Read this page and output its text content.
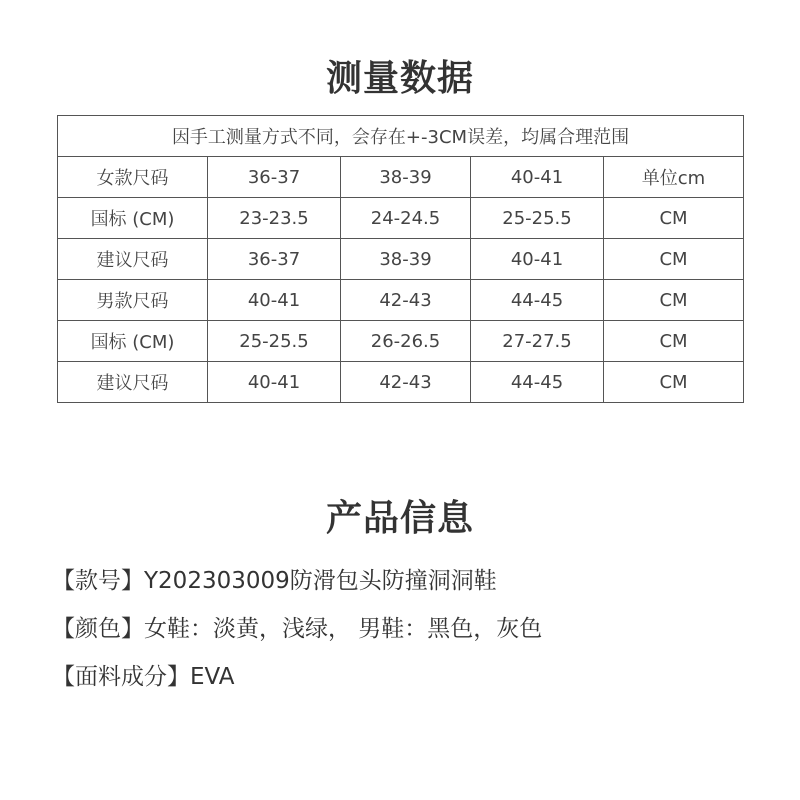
测量数据
因手工测量方式不同，会存在+-3CM误差，均属合理范围				
女款尺码	36-37	38-39	40-41	单位cm
国标 (CM)	23-23.5	24-24.5	25-25.5	CM
建议尺码	36-37	38-39	40-41	CM
男款尺码	40-41	42-43	44-45	CM
国标 (CM)	25-25.5	26-26.5	27-27.5	CM
建议尺码	40-41	42-43	44-45	CM
产品信息
【款号】Y202303009防滑包头防撞洞洞鞋
【颜色】女鞋：淡黄，浅绿， 男鞋：黑色，灰色
【面料成分】EVA
